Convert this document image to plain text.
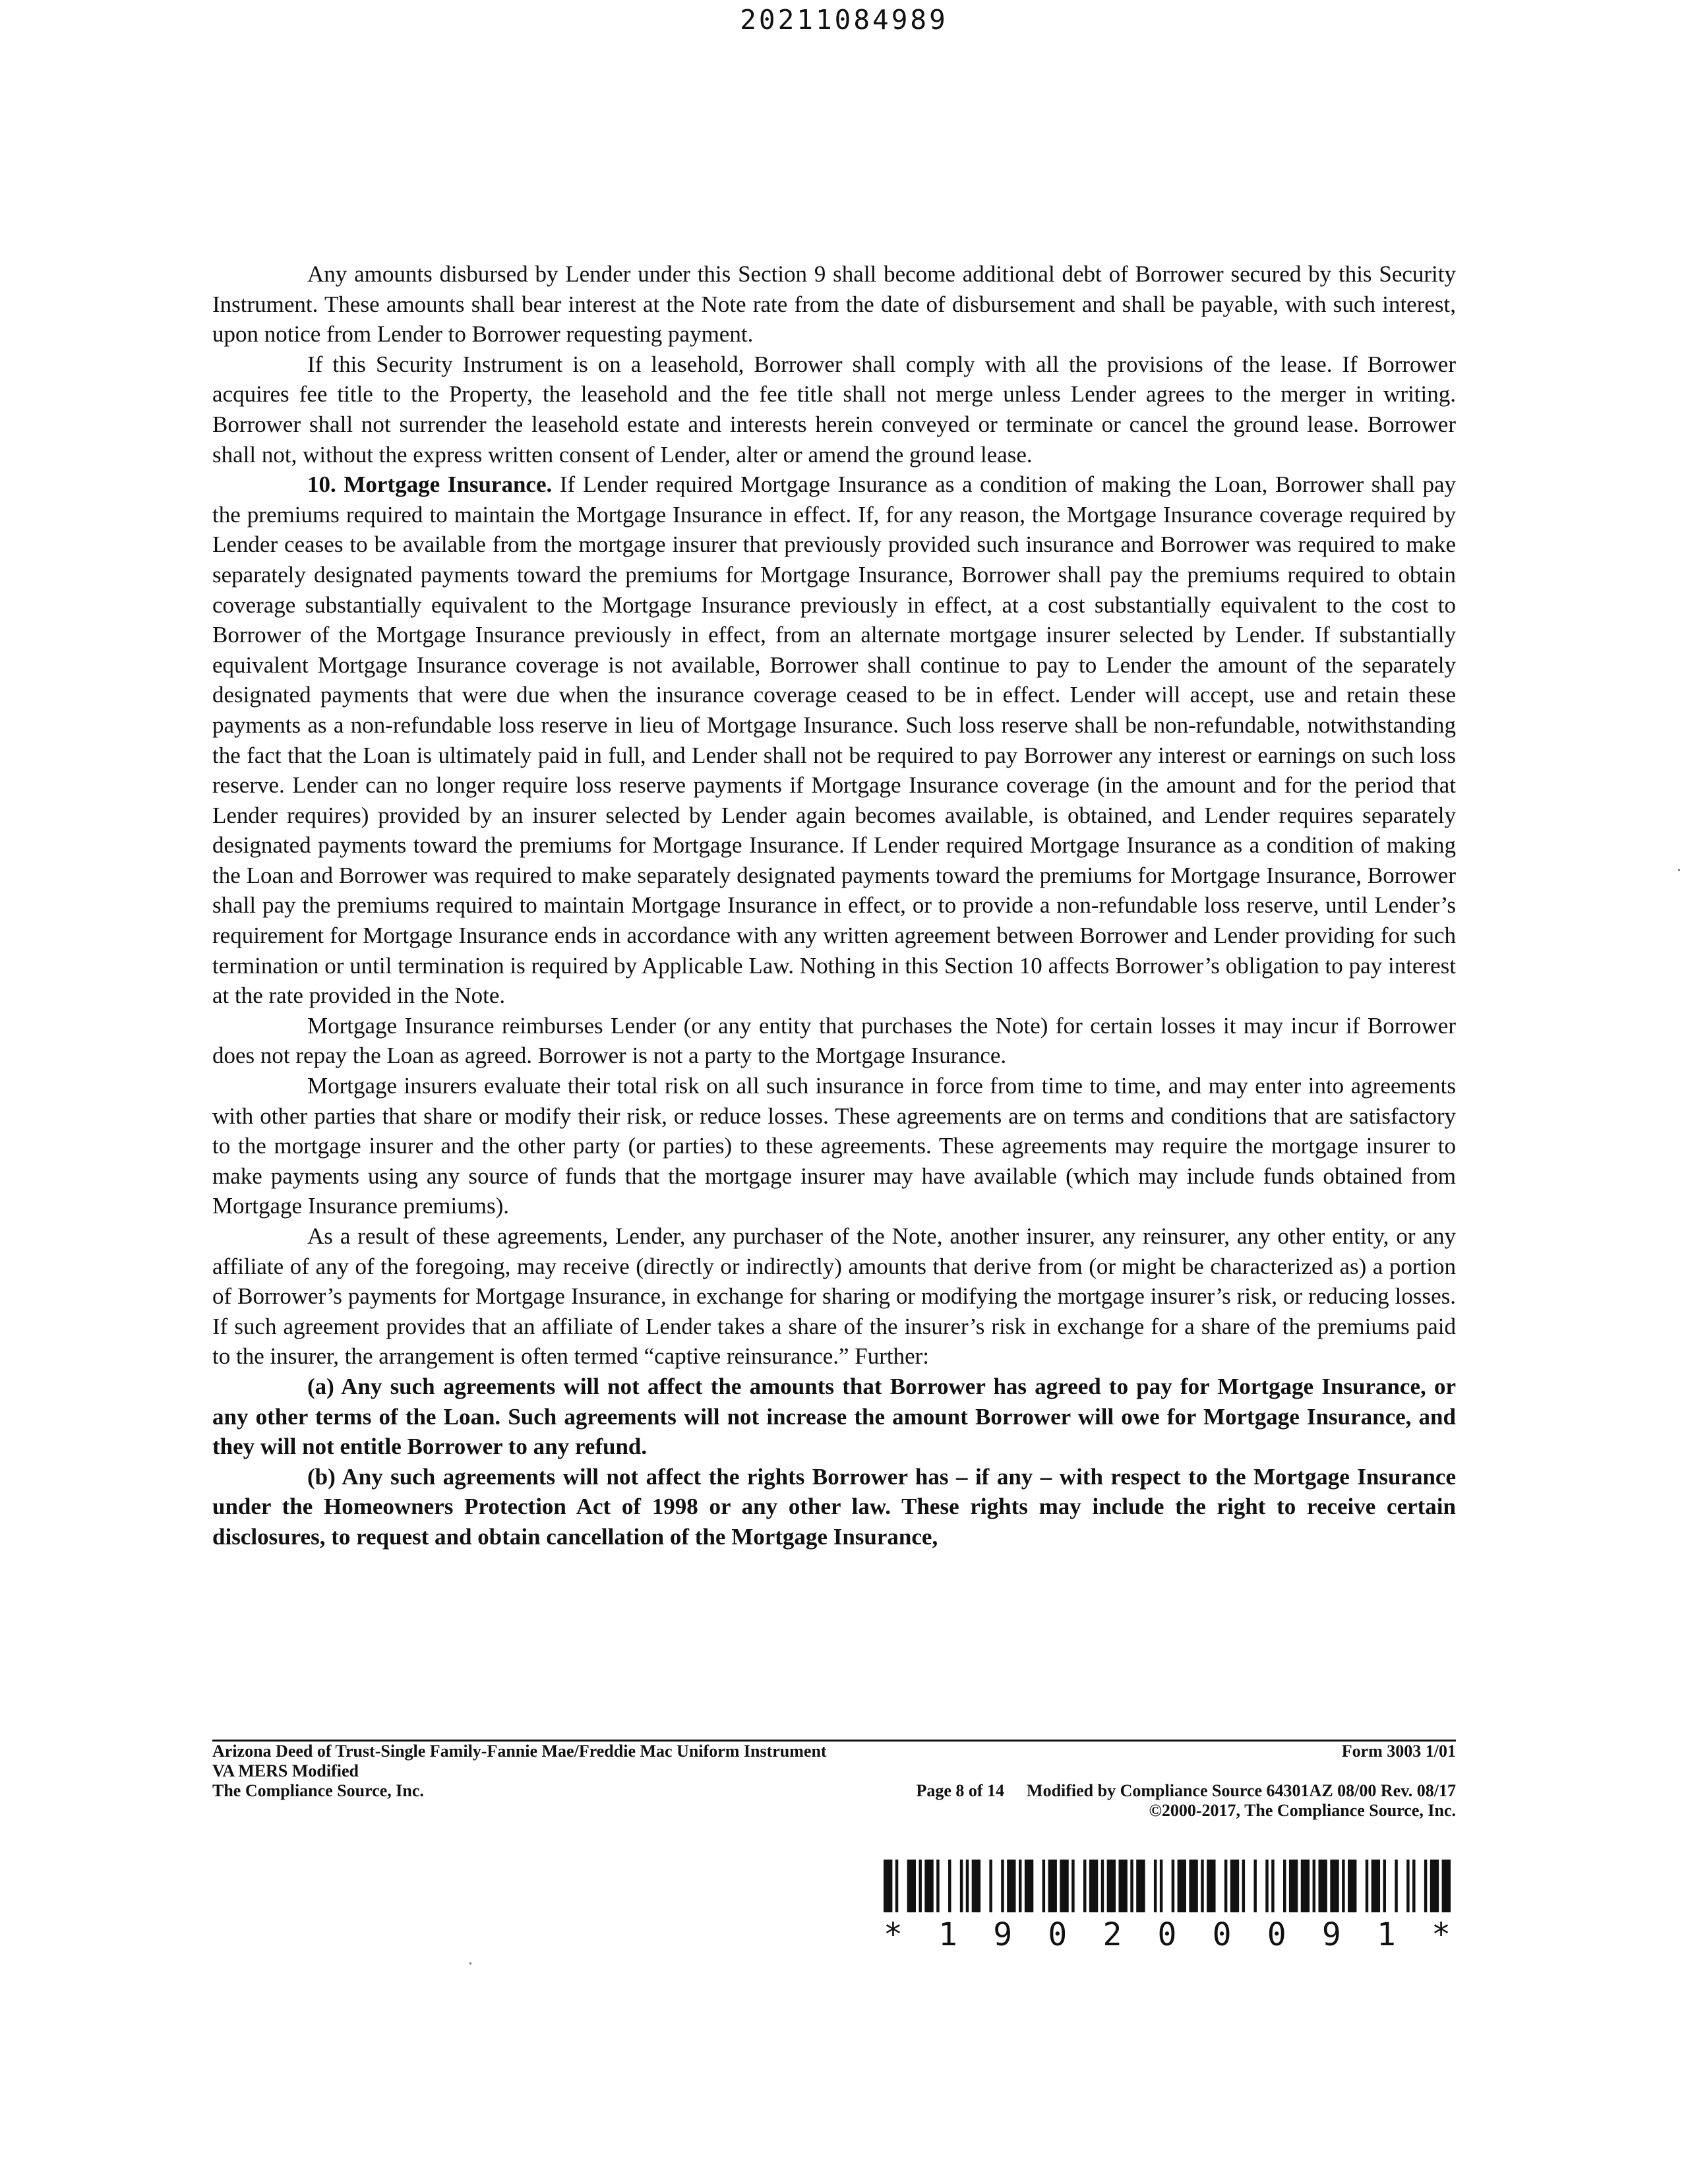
20211084989

Any amounts disbursed by Lender under this Section 9 shall become additional debt of Borrower secured by this Security Instrument. These amounts shall bear interest at the Note rate from the date of disbursement and shall be payable, with such interest, upon notice from Lender to Borrower requesting payment.

If this Security Instrument is on a leasehold, Borrower shall comply with all the provisions of the lease. If Borrower acquires fee title to the Property, the leasehold and the fee title shall not merge unless Lender agrees to the merger in writing. Borrower shall not surrender the leasehold estate and interests herein conveyed or terminate or cancel the ground lease. Borrower shall not, without the express written consent of Lender, alter or amend the ground lease.

10. Mortgage Insurance. If Lender required Mortgage Insurance as a condition of making the Loan, Borrower shall pay the premiums required to maintain the Mortgage Insurance in effect. If, for any reason, the Mortgage Insurance coverage required by Lender ceases to be available from the mortgage insurer that previously provided such insurance and Borrower was required to make separately designated payments toward the premiums for Mortgage Insurance, Borrower shall pay the premiums required to obtain coverage substantially equivalent to the Mortgage Insurance previously in effect, at a cost substantially equivalent to the cost to Borrower of the Mortgage Insurance previously in effect, from an alternate mortgage insurer selected by Lender. If substantially equivalent Mortgage Insurance coverage is not available, Borrower shall continue to pay to Lender the amount of the separately designated payments that were due when the insurance coverage ceased to be in effect. Lender will accept, use and retain these payments as a non-refundable loss reserve in lieu of Mortgage Insurance. Such loss reserve shall be non-refundable, notwithstanding the fact that the Loan is ultimately paid in full, and Lender shall not be required to pay Borrower any interest or earnings on such loss reserve. Lender can no longer require loss reserve payments if Mortgage Insurance coverage (in the amount and for the period that Lender requires) provided by an insurer selected by Lender again becomes available, is obtained, and Lender requires separately designated payments toward the premiums for Mortgage Insurance. If Lender required Mortgage Insurance as a condition of making the Loan and Borrower was required to make separately designated payments toward the premiums for Mortgage Insurance, Borrower shall pay the premiums required to maintain Mortgage Insurance in effect, or to provide a non-refundable loss reserve, until Lender’s requirement for Mortgage Insurance ends in accordance with any written agreement between Borrower and Lender providing for such termination or until termination is required by Applicable Law. Nothing in this Section 10 affects Borrower’s obligation to pay interest at the rate provided in the Note.

Mortgage Insurance reimburses Lender (or any entity that purchases the Note) for certain losses it may incur if Borrower does not repay the Loan as agreed. Borrower is not a party to the Mortgage Insurance.

Mortgage insurers evaluate their total risk on all such insurance in force from time to time, and may enter into agreements with other parties that share or modify their risk, or reduce losses. These agreements are on terms and conditions that are satisfactory to the mortgage insurer and the other party (or parties) to these agreements. These agreements may require the mortgage insurer to make payments using any source of funds that the mortgage insurer may have available (which may include funds obtained from Mortgage Insurance premiums).

As a result of these agreements, Lender, any purchaser of the Note, another insurer, any reinsurer, any other entity, or any affiliate of any of the foregoing, may receive (directly or indirectly) amounts that derive from (or might be characterized as) a portion of Borrower’s payments for Mortgage Insurance, in exchange for sharing or modifying the mortgage insurer’s risk, or reducing losses. If such agreement provides that an affiliate of Lender takes a share of the insurer’s risk in exchange for a share of the premiums paid to the insurer, the arrangement is often termed “captive reinsurance.” Further:

(a) Any such agreements will not affect the amounts that Borrower has agreed to pay for Mortgage Insurance, or any other terms of the Loan. Such agreements will not increase the amount Borrower will owe for Mortgage Insurance, and they will not entitle Borrower to any refund.

(b) Any such agreements will not affect the rights Borrower has – if any – with respect to the Mortgage Insurance under the Homeowners Protection Act of 1998 or any other law. These rights may include the right to receive certain disclosures, to request and obtain cancellation of the Mortgage Insurance,

Arizona Deed of Trust-Single Family-Fannie Mae/Freddie Mac Uniform Instrument	Form 3003 1/01
VA MERS Modified
The Compliance Source, Inc.	Page 8 of 14 Modified by Compliance Source 64301AZ 08/00 Rev. 08/17
©2000-2017, The Compliance Source, Inc.
* 1 9 0 2 0 0 0 9 1 *
